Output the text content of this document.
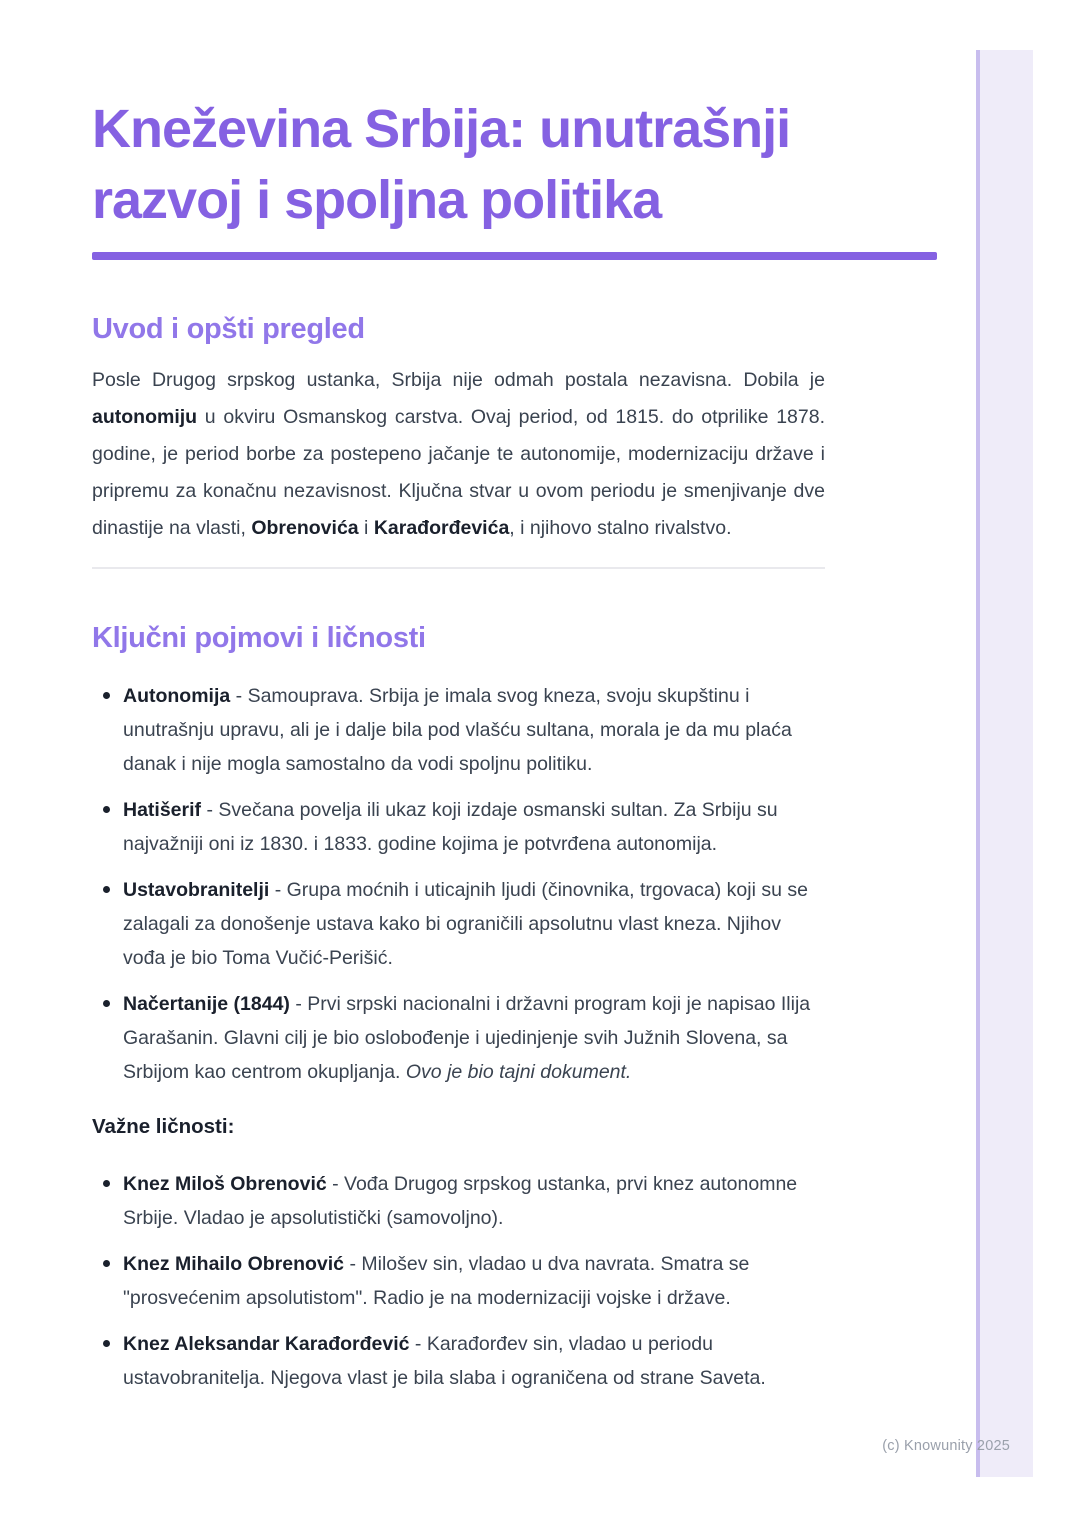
Kneževina Srbija: unutrašnji razvoj i spoljna politika
Uvod i opšti pregled

Posle Drugog srpskog ustanka, Srbija nije odmah postala nezavisna. Dobila je autonomiju u okviru Osmanskog carstva. Ovaj period, od 1815. do otprilike 1878. godine, je period borbe za postepeno jačanje te autonomije, modernizaciju države i pripremu za konačnu nezavisnost. Ključna stvar u ovom periodu je smenjivanje dve dinastije na vlasti, Obrenovića i Karađorđevića, i njihovo stalno rivalstvo.

Ključni pojmovi i ličnosti
Autonomija - Samouprava. Srbija je imala svog kneza, svoju skupštinu i unutrašnju upravu, ali je i dalje bila pod vlašću sultana, morala je da mu plaća danak i nije mogla samostalno da vodi spoljnu politiku.
Hatišerif - Svečana povelja ili ukaz koji izdaje osmanski sultan. Za Srbiju su najvažniji oni iz 1830. i 1833. godine kojima je potvrđena autonomija.
Ustavobranitelji - Grupa moćnih i uticajnih ljudi (činovnika, trgovaca) koji su se zalagali za donošenje ustava kako bi ograničili apsolutnu vlast kneza. Njihov vođa je bio Toma Vučić-Perišić.
Načertanije (1844) - Prvi srpski nacionalni i državni program koji je napisao Ilija Garašanin. Glavni cilj je bio oslobođenje i ujedinjenje svih Južnih Slovena, sa Srbijom kao centrom okupljanja. Ovo je bio tajni dokument.
Važne ličnosti:
Knez Miloš Obrenović - Vođa Drugog srpskog ustanka, prvi knez autonomne Srbije. Vladao je apsolutistički (samovoljno).
Knez Mihailo Obrenović - Milošev sin, vladao u dva navrata. Smatra se "prosvećenim apsolutistom". Radio je na modernizaciji vojske i države.
Knez Aleksandar Karađorđević - Karađorđev sin, vladao u periodu ustavobranitelja. Njegova vlast je bila slaba i ograničena od strane Saveta.
(c) Knowunity 2025
